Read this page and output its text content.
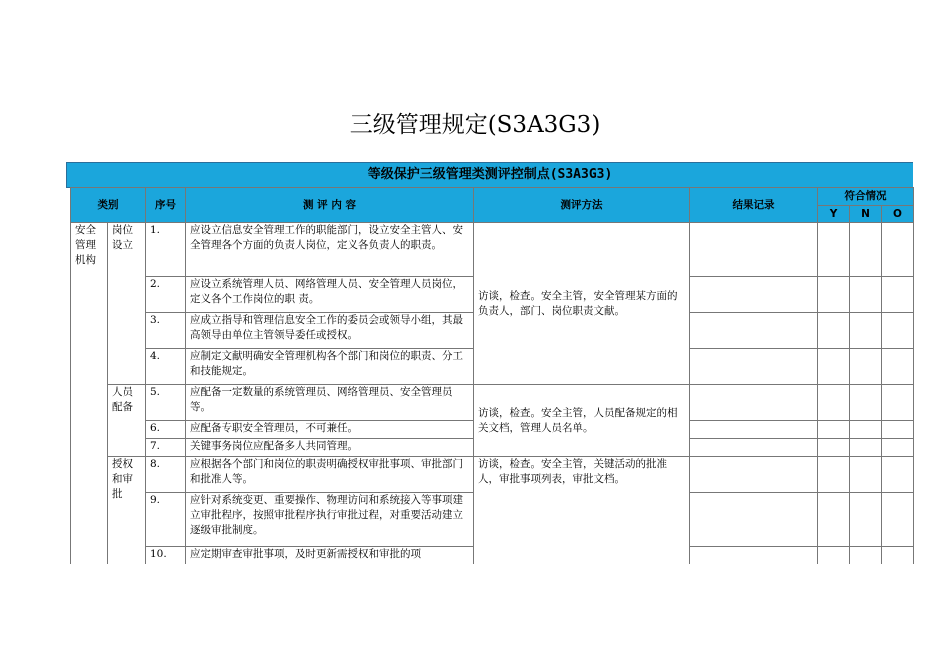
三级管理规定(S3A3G3)
等级保护三级管理类测评控制点(S3A3G3)
类别		序号	测 评 内 容	测评方法	结果记录	符合情况		
						Y	N	O
安全管理机构	岗位设立	1.	应设立信息安全管理工作的职能部门，设立安全主管人、安全管理各个方面的负责人岗位，定义各负责人的职责。	访谈，检查。安全主管，安全管理某方面的负责人，部门、岗位职责文献。				
		2.	应设立系统管理人员、网络管理人员、安全管理人员岗位，定义各个工作岗位的职 责。					
		3.	应成立指导和管理信息安全工作的委员会或领导小组，其最高领导由单位主管领导委任或授权。					
		4.	应制定文献明确安全管理机构各个部门和岗位的职责、分工和技能规定。					
	人员配备	5.	应配备一定数量的系统管理员、网络管理员、安全管理员等。	访谈，检查。安全主管，人员配备规定的相关文档，管理人员名单。				
		6.	应配备专职安全管理员，不可兼任。					
		7.	关键事务岗位应配备多人共同管理。					
	授权和审批	8.	应根据各个部门和岗位的职责明确授权审批事项、审批部门和批准人等。	访谈，检查。安全主管，关键活动的批准人，审批事项列表，审批文档。				
		9.	应针对系统变更、重要操作、物理访问和系统接入等事项建立审批程序，按照审批程序执行审批过程，对重要活动建立逐级审批制度。					
		10.	应定期审查审批事项，及时更新需授权和审批的项					
